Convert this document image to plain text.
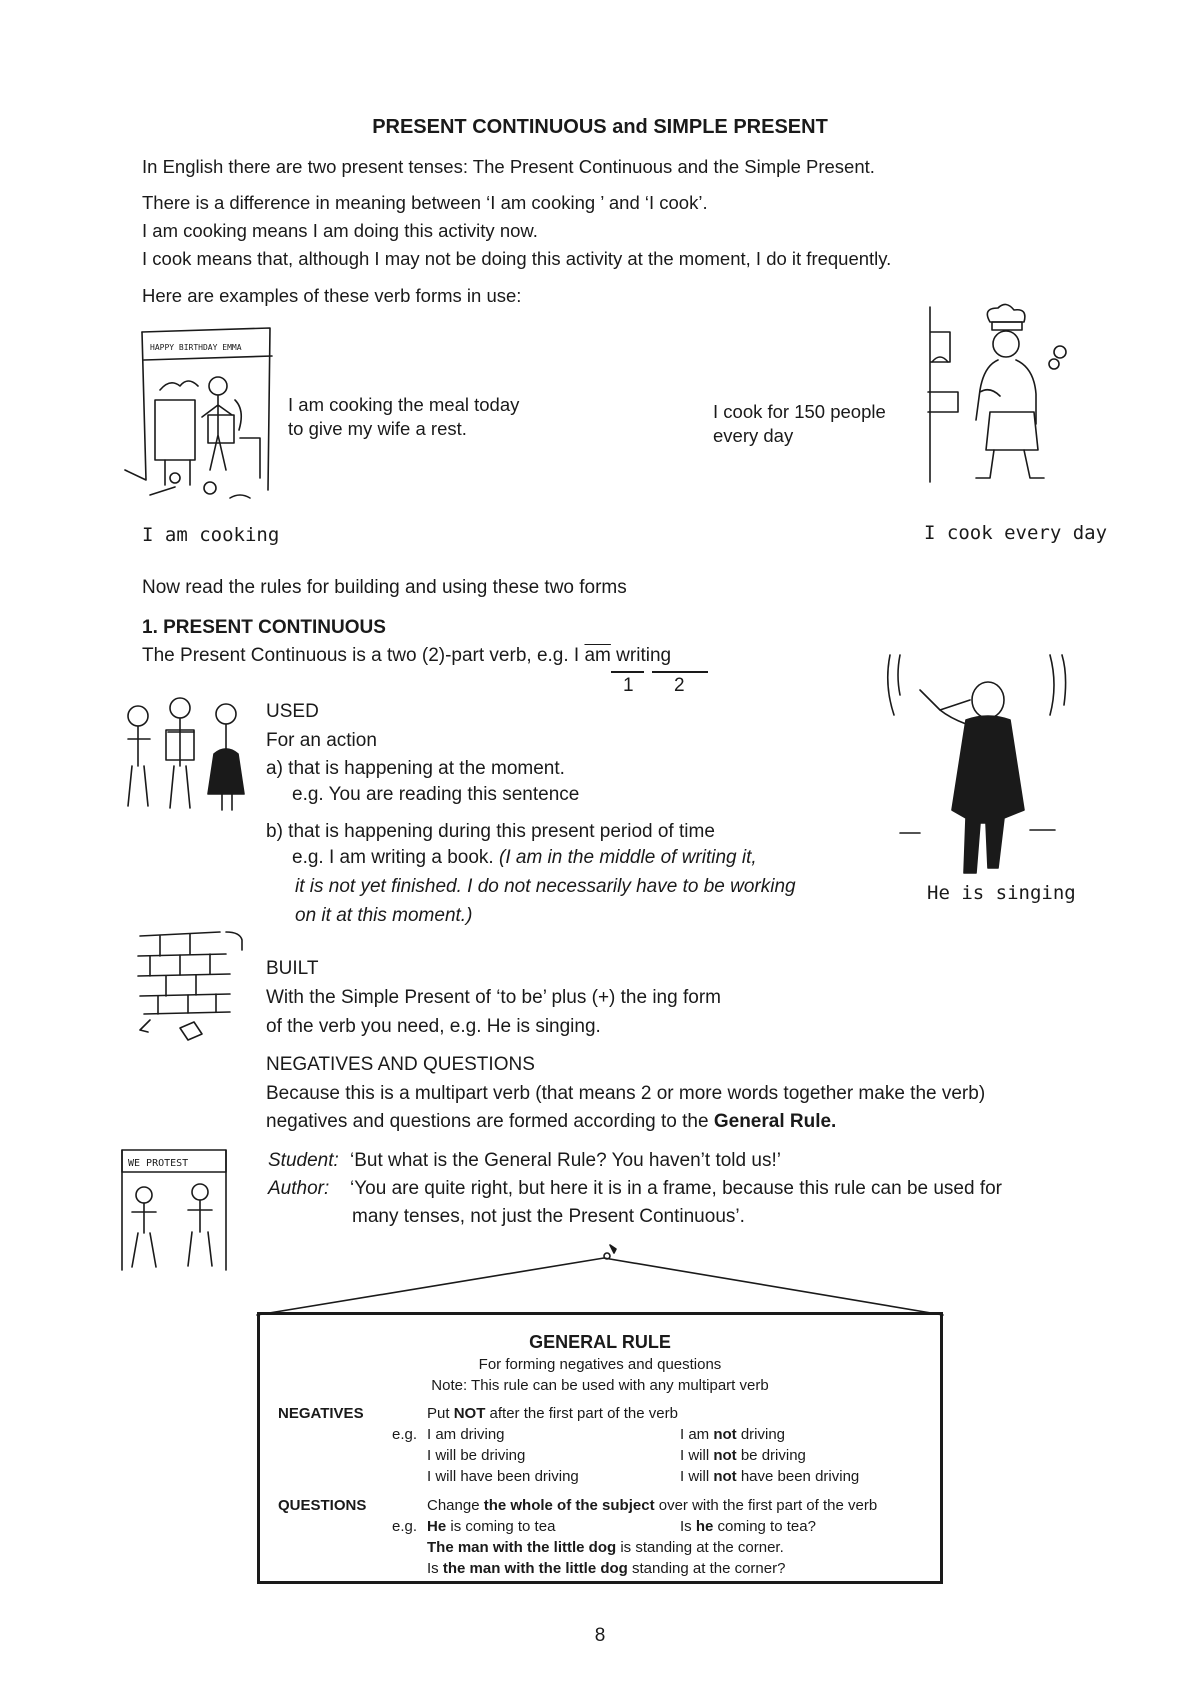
PRESENT CONTINUOUS and SIMPLE PRESENT
In English there are two present tenses: The Present Continuous and the Simple Present.
There is a difference in meaning between ‘I am cooking ’ and ‘I cook’.
I am cooking means I am doing this activity now.
I cook means that, although I may not be doing this activity at the moment, I do it frequently.
Here are examples of these verb forms in use:
HAPPY BIRTHDAY EMMA
I am cooking the meal today
to give my wife a rest.
I am cooking
I cook for 150 people
every day
I cook every day
Now read the rules for building and using these two forms
1. PRESENT CONTINUOUS
The Present Continuous is a two (2)-part verb, e.g. I $\overline{am}$ writing
1 2
USED
For an action
a) that is happening at the moment.
e.g. You are reading this sentence
b) that is happening during this present period of time
e.g. I am writing a book. (I am in the middle of writing it,
it is not yet finished. I do not necessarily have to be working
on it at this moment.)
He is singing
BUILT
With the Simple Present of ‘to be’ plus (+) the ing form
of the verb you need, e.g. He is singing.
NEGATIVES AND QUESTIONS
Because this is a multipart verb (that means 2 or more words together make the verb)
negatives and questions are formed according to the General Rule.
WE PROTEST	Student: ‘But what is the General Rule? You haven’t told us!’
Author: ‘You are quite right, but here it is in a frame, because this rule can be used for
many tenses, not just the Present Continuous’.
GENERAL RULE
For forming negatives and questions
Note: This rule can be used with any multipart verb
NEGATIVES	Put NOT after the first part of the verb
e.g. I am driving	I am not driving
I will be driving	I will not be driving
I will have been driving	I will not have been driving
QUESTIONS	Change the whole of the subject over with the first part of the verb
e.g. He is coming to tea	Is he coming to tea?
The man with the little dog is standing at the corner.
Is the man with the little dog standing at the corner?
8
